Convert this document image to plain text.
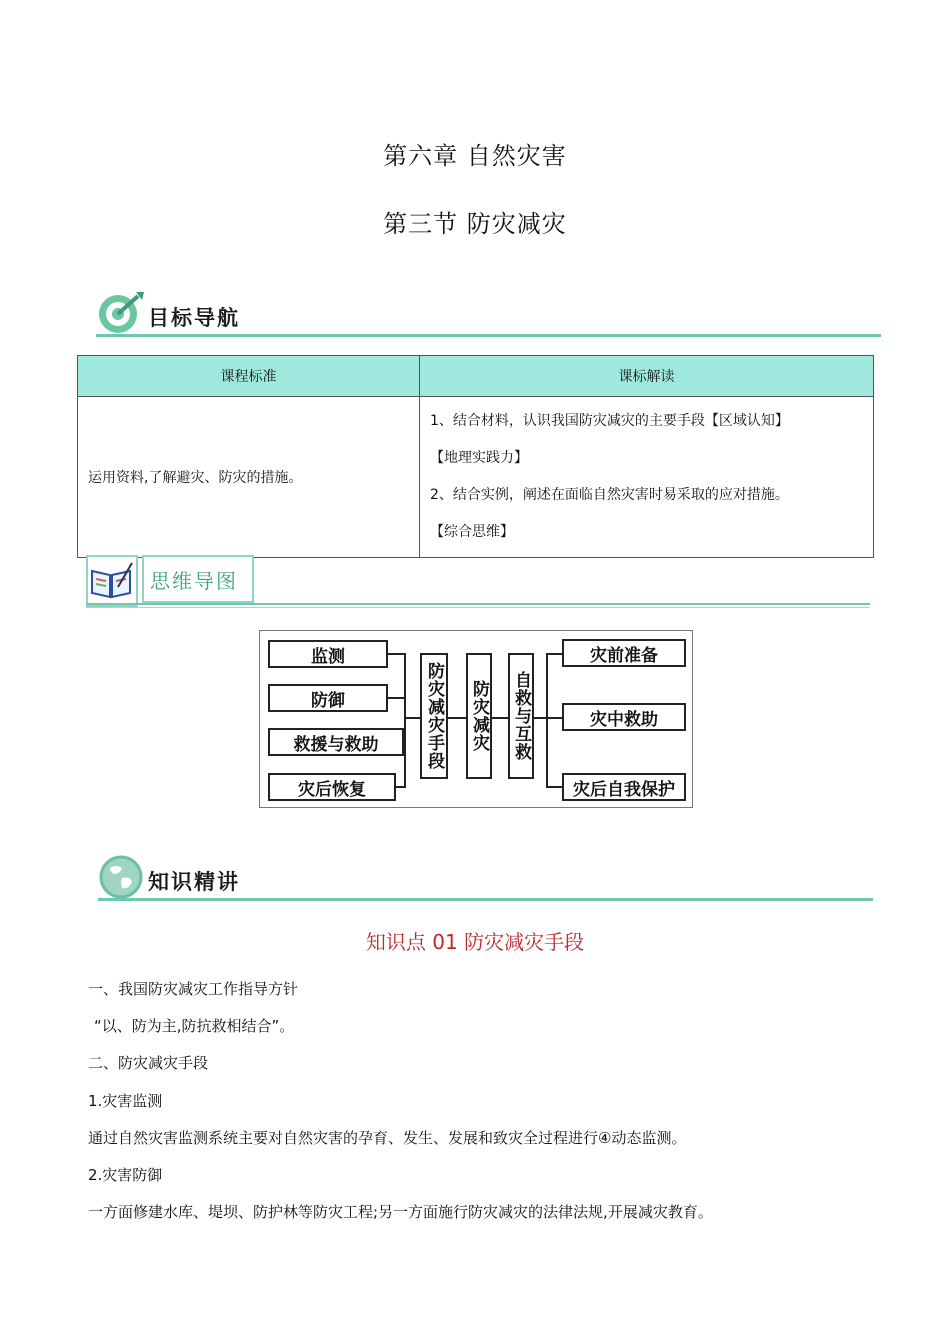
第六章 自然灾害
第三节 防灾减灾
目标导航
课程标准	课标解读
运用资料,了解避灾、防灾的措施。	1、结合材料，认识我国防灾减灾的主要手段【区域认知】
【地理实践力】
2、结合实例，阐述在面临自然灾害时易采取的应对措施。
【综合思维】
思维导图
监测
防御
救援与救助
灾后恢复
防灾减灾手段 防灾减灾 自救与互救
灾前准备
灾中救助
灾后自我保护
知识精讲
知识点 01 防灾减灾手段
一、我国防灾减灾工作指导方针
“以、防为主,防抗救相结合”。
二、防灾减灾手段
1.灾害监测
通过自然灾害监测系统主要对自然灾害的孕育、发生、发展和致灾全过程进行④动态监测。
2.灾害防御
一方面修建水库、堤坝、防护林等防灾工程;另一方面施行防灾减灾的法律法规,开展减灾教育。
